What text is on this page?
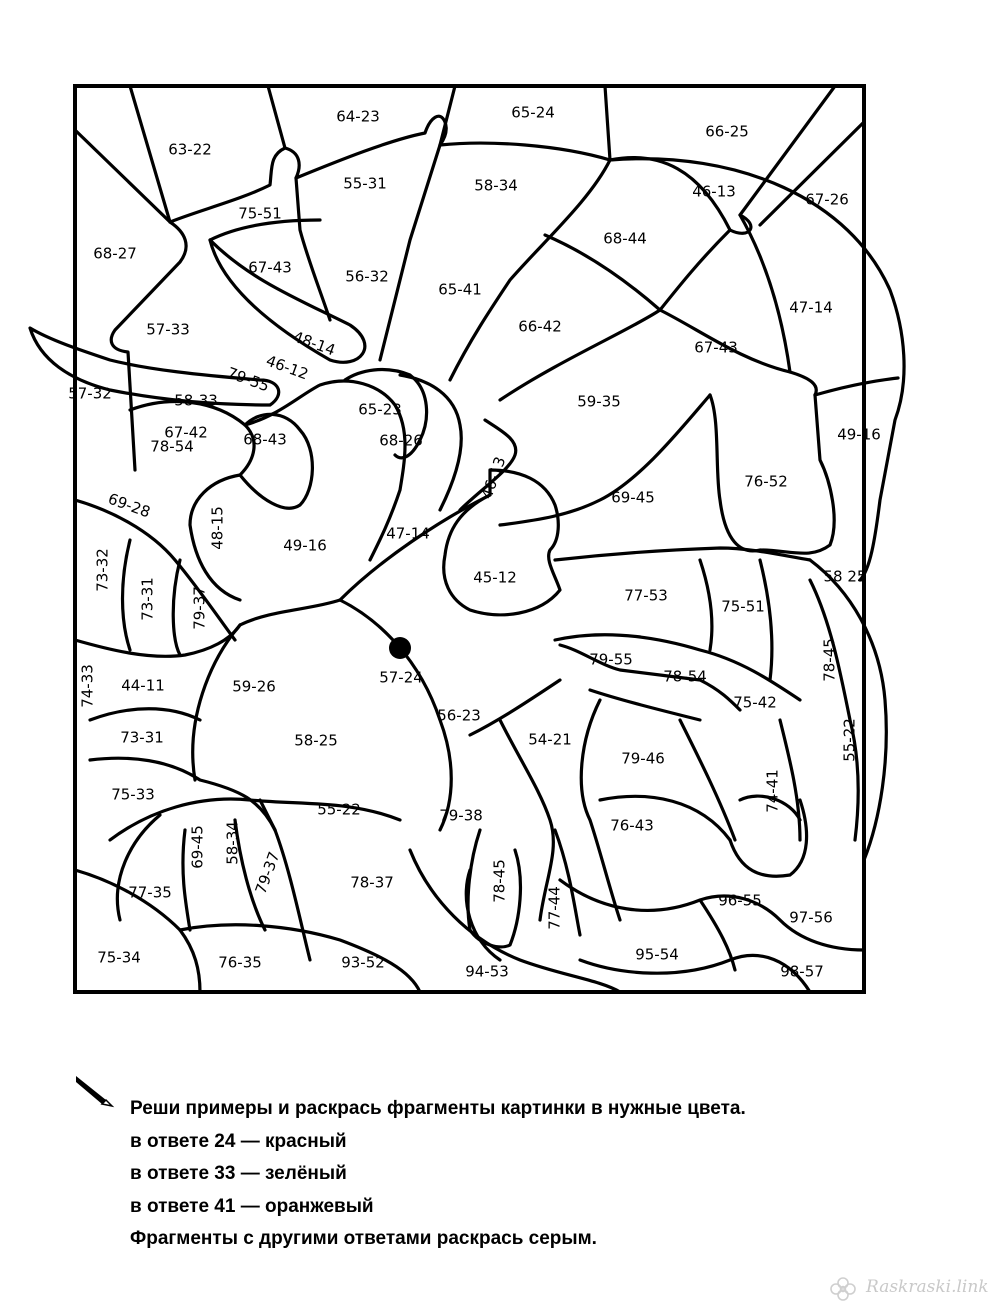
63-22
64-23	65-24
66-25
67-26
46-13
75-51
55-31	58-34
68-44
68-27
67-43	56-32
65-41
47-14
57-33	48-14
66-42
46-12
67-43
57-32	79-55
58-33	65-23	59-35
67-42 68-43	68-26
46-13
49-16
78-54
76-52
69-28
48-15	47-14
69-45
49-16
73-32	45-12
73-31 79-37	77-53
75-51
58 25
74-33	57-24
79-55	78-45
44-11	59-26
78-54
75-42
56-23
73-31	58-25	54-21
79-46	55-22
75-33	74-41
55-22	79-38
76-43
69-45 58-34
79-37	78-45
77-35
78-37
96-55
77-44	97-56
75-34	76-35	93-52	94-53
95-54
98-57
Реши примеры и раскрась фрагменты картинки в нужные цвета.
в ответе 24 — красный
в ответе 33 — зелёный
в ответе 41 — оранжевый
Фрагменты с другими ответами раскрась серым.
Raskraski.link
